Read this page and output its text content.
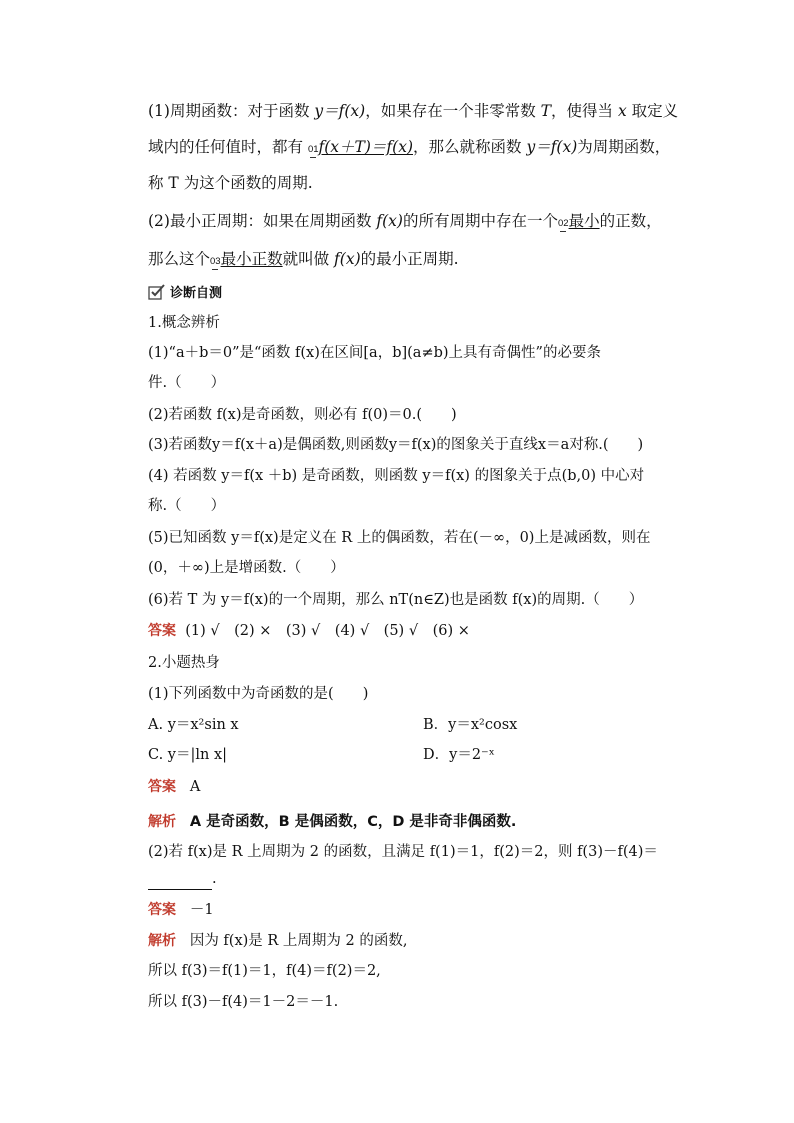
(1)周期函数：对于函数 y＝f(x)，如果存在一个非零常数 T，使得当 x 取定义
域内的任何值时，都有 01 f(x＋T)＝f(x)，那么就称函数 y＝f(x)为周期函数，
称 T 为这个函数的周期.
(2)最小正周期：如果在周期函数 f(x)的所有周期中存在一个 02 最小的正数，
那么这个 03 最小正数就叫做 f(x)的最小正周期.
诊断自测
1.概念辨析
(1)“a＋b＝0”是“函数 f(x)在区间[a，b](a≠b)上具有奇偶性”的必要条
件.（　　）
(2)若函数 f(x)是奇函数，则必有 f(0)＝0.(　　)
(3)若函数y＝f(x＋a)是偶函数,则函数y＝f(x)的图象关于直线x＝a对称.(　　)
(4) 若函数 y＝f(x ＋b) 是奇函数，则函数 y＝f(x) 的图象关于点(b,0) 中心对
称.（　　）
(5)已知函数 y＝f(x)是定义在 R 上的偶函数，若在(－∞，0)上是减函数，则在
(0，＋∞)上是增函数.（　　）
(6)若 T 为 y＝f(x)的一个周期，那么 nT(n∈Z)也是函数 f(x)的周期.（　　）
答案 (1) √　(2) ×　(3) √　(4) √　(5) √　(6) ×
2.小题热身
(1)下列函数中为奇函数的是(　　)
A. y＝x²sin x	B．y＝x²cosx
C. y＝|ln x|	D．y＝2⁻ˣ
答案 A
解析 A 是奇函数，B 是偶函数，C，D 是非奇非偶函数.
(2)若 f(x)是 R 上周期为 2 的函数，且满足 f(1)＝1，f(2)＝2，则 f(3)－f(4)＝
.
答案 －1
解析 因为 f(x)是 R 上周期为 2 的函数,
所以 f(3)＝f(1)＝1，f(4)＝f(2)＝2,
所以 f(3)－f(4)＝1－2＝－1.
